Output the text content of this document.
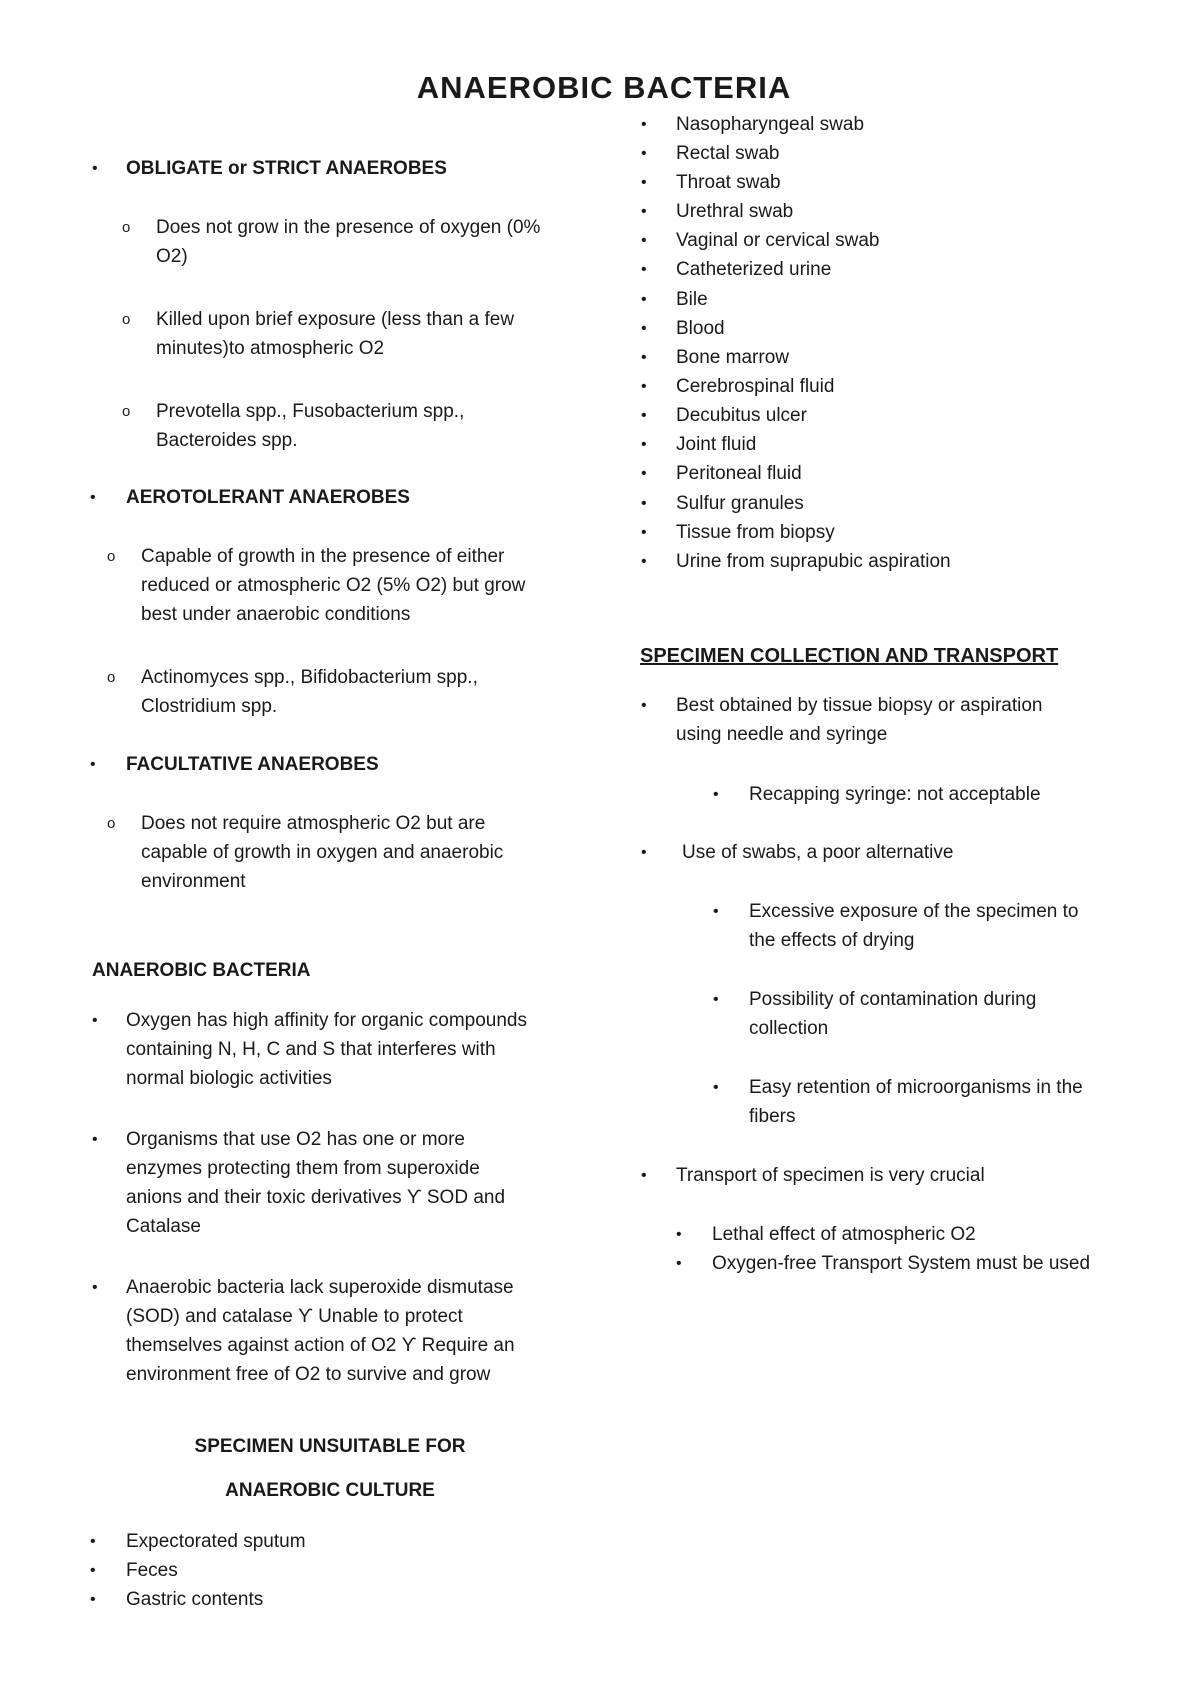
ANAEROBIC BACTERIA
• OBLIGATE or STRICT ANAEROBES
o Does not grow in the presence of oxygen (0%
O2)
o Killed upon brief exposure (less than a few
minutes)to atmospheric O2
o Prevotella spp., Fusobacterium spp.,
Bacteroides spp.
• AEROTOLERANT ANAEROBES
o Capable of growth in the presence of either
reduced or atmospheric O2 (5% O2) but grow
best under anaerobic conditions
o Actinomyces spp., Bifidobacterium spp.,
Clostridium spp.
• FACULTATIVE ANAEROBES
o Does not require atmospheric O2 but are
capable of growth in oxygen and anaerobic
environment
ANAEROBIC BACTERIA
• Oxygen has high affinity for organic compounds
containing N, H, C and S that interferes with
normal biologic activities
• Organisms that use O2 has one or more
enzymes protecting them from superoxide
anions and their toxic derivatives ϒ SOD and
Catalase
• Anaerobic bacteria lack superoxide dismutase
(SOD) and catalase ϒ Unable to protect
themselves against action of O2 ϒ Require an
environment free of O2 to survive and grow
SPECIMEN UNSUITABLE FOR
ANAEROBIC CULTURE
• Expectorated sputum
• Feces
• Gastric contents
• Nasopharyngeal swab
• Rectal swab
• Throat swab
• Urethral swab
• Vaginal or cervical swab
• Catheterized urine
• Bile
• Blood
• Bone marrow
• Cerebrospinal fluid
• Decubitus ulcer
• Joint fluid
• Peritoneal fluid
• Sulfur granules
• Tissue from biopsy
• Urine from suprapubic aspiration
SPECIMEN COLLECTION AND TRANSPORT
• Best obtained by tissue biopsy or aspiration
using needle and syringe
• Recapping syringe: not acceptable
• Use of swabs, a poor alternative
• Excessive exposure of the specimen to
the effects of drying
• Possibility of contamination during
collection
• Easy retention of microorganisms in the
fibers
• Transport of specimen is very crucial
• Lethal effect of atmospheric O2
• Oxygen-free Transport System must be used
